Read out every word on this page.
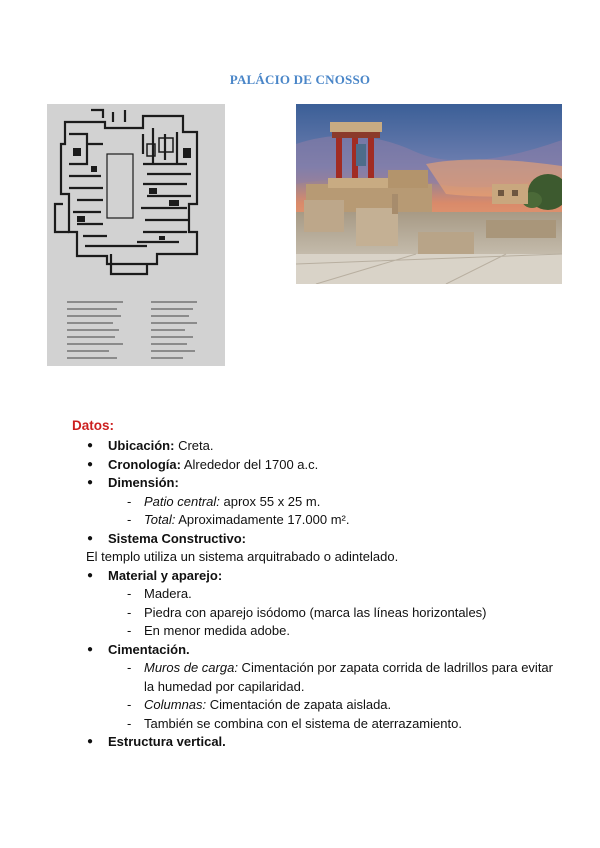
PALÁCIO DE CNOSSO
Datos:
● Ubicación: Creta.
● Cronología: Alrededor del 1700 a.c.
● Dimensión:
- Patio central: aprox 55 x 25 m.
- Total: Aproximadamente 17.000 m².
● Sistema Constructivo:
El templo utiliza un sistema arquitrabado o adintelado.
● Material y aparejo:
- Madera.
- Piedra con aparejo isódomo (marca las líneas horizontales)
- En menor medida adobe.
● Cimentación.
- Muros de carga: Cimentación por zapata corrida de ladrillos para evitar la humedad por capilaridad.
- Columnas: Cimentación de zapata aislada.
- También se combina con el sistema de aterrazamiento.
● Estructura vertical.
